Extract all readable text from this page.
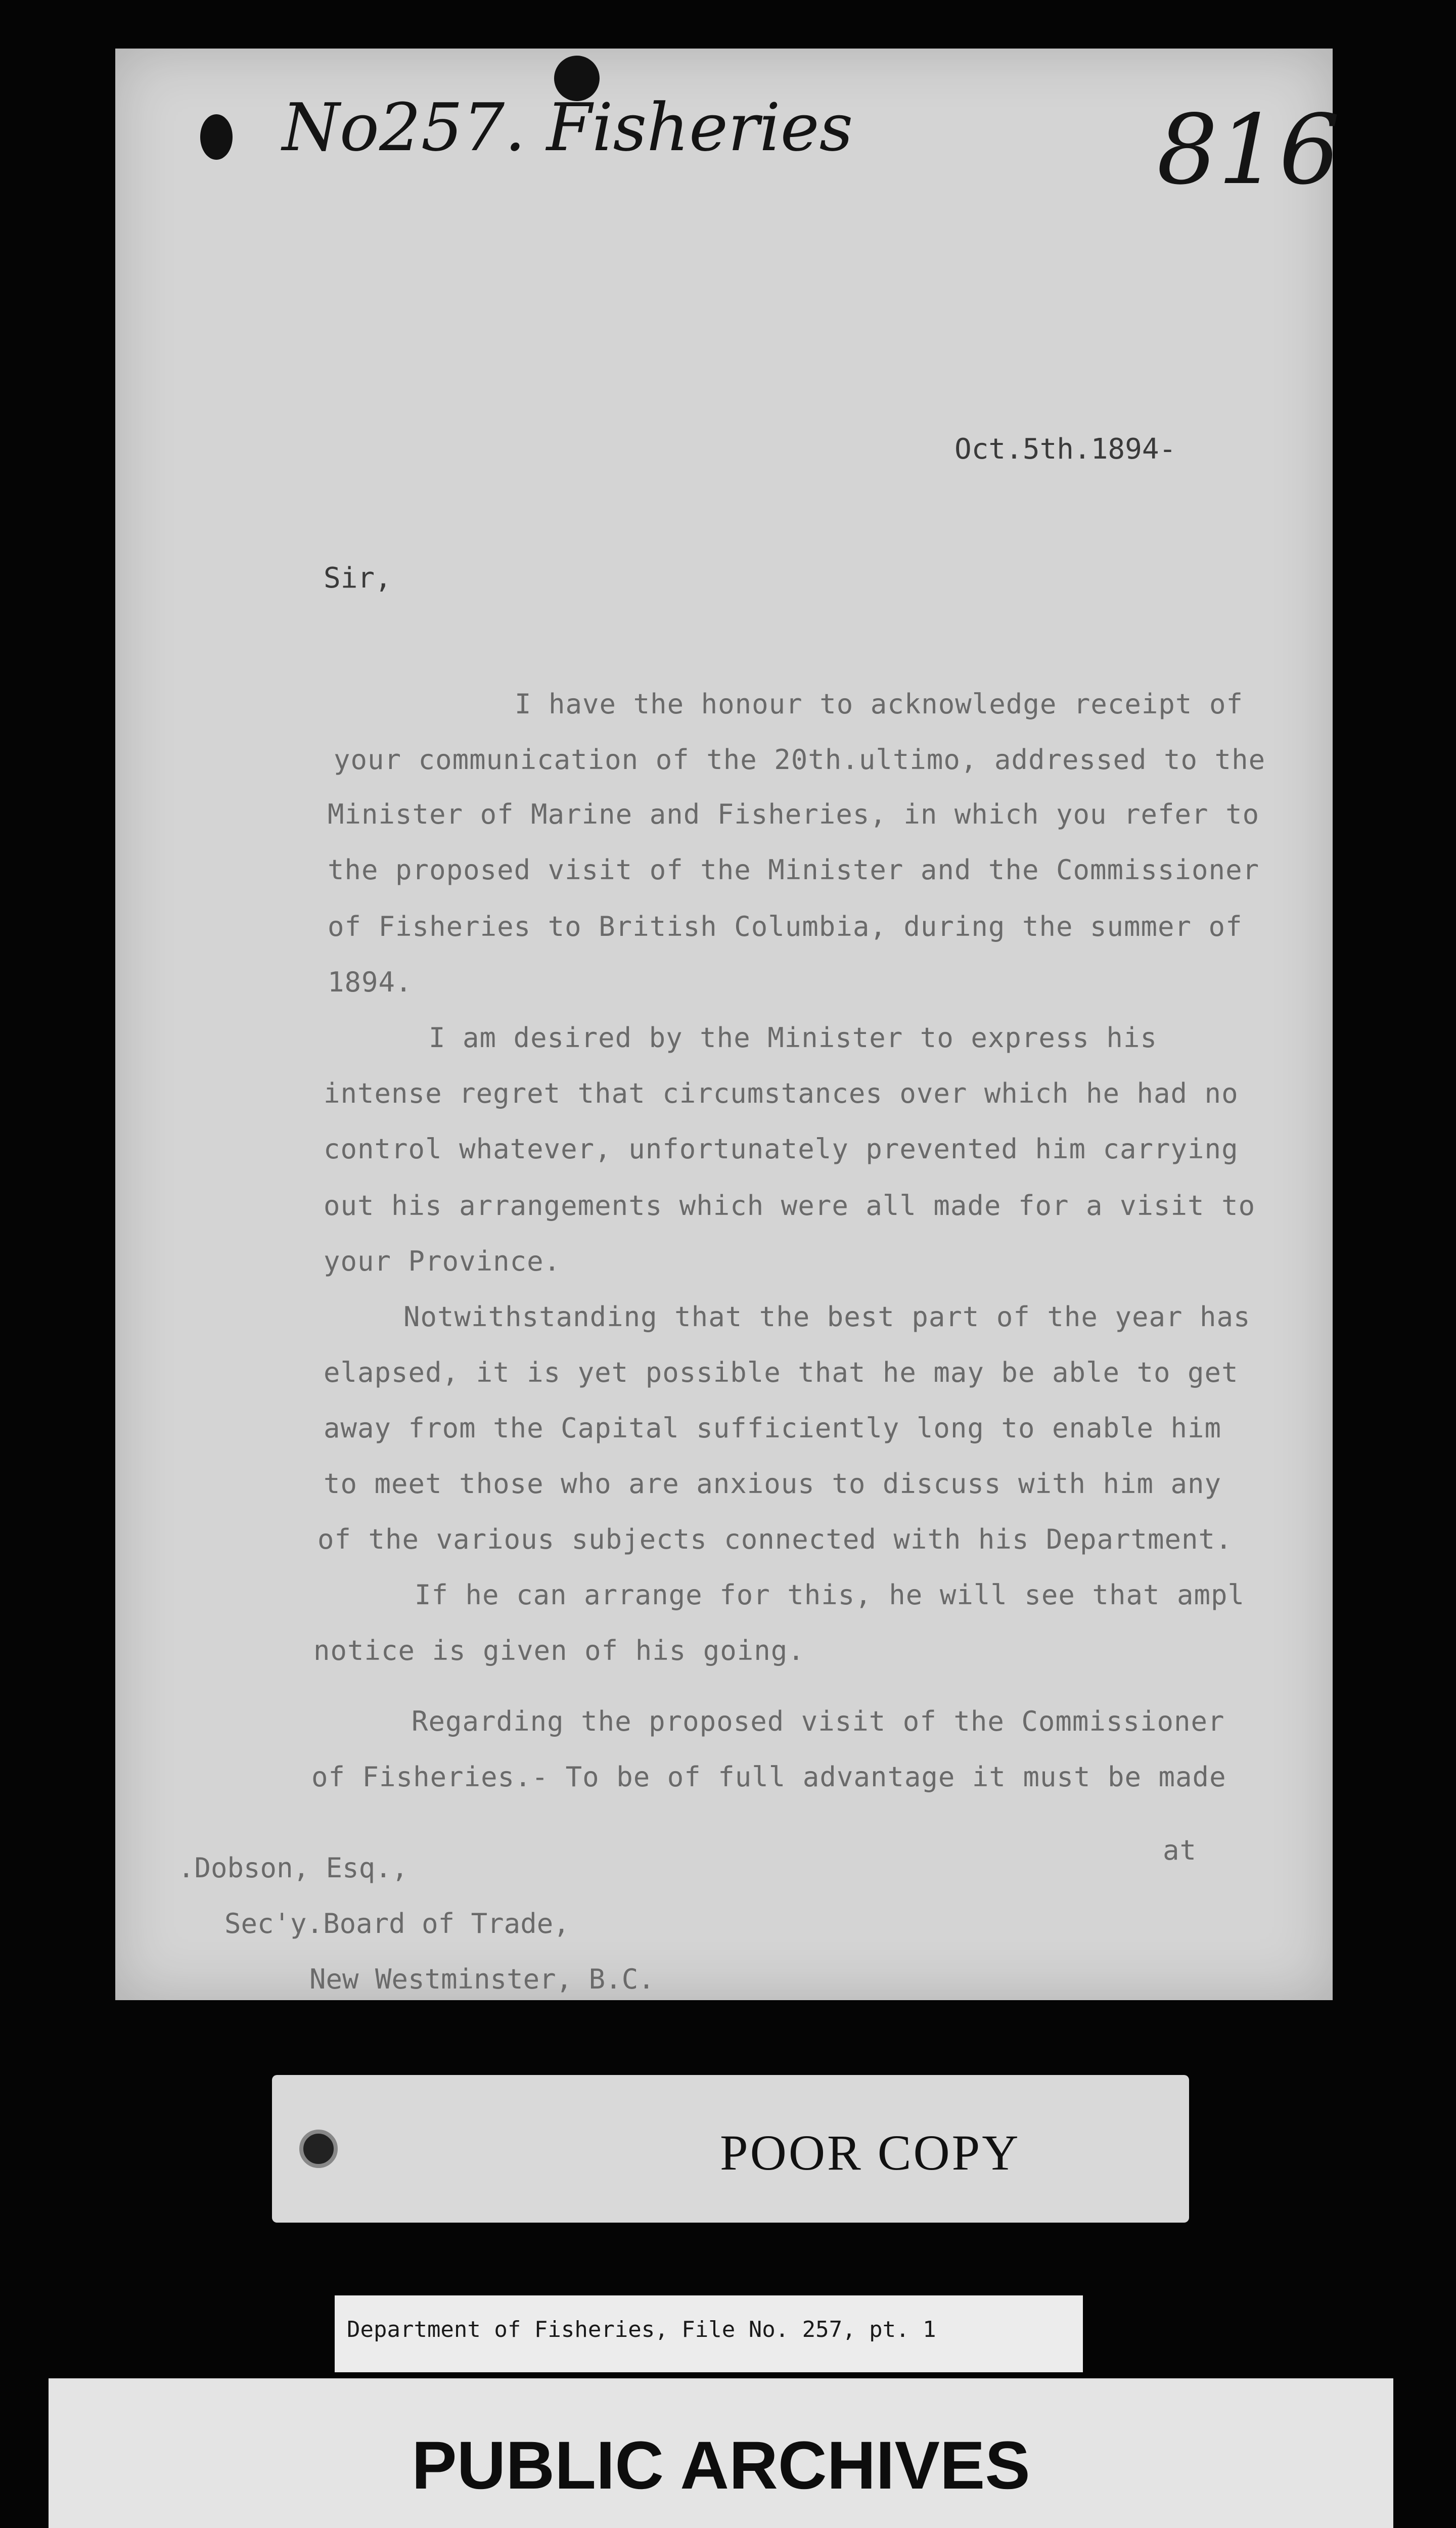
No257. Fisheries	816
Oct.5th.1894-
Sir,
I have the honour to acknowledge receipt of
your communication of the 20th.ultimo, addressed to the
Minister of Marine and Fisheries, in which you refer to
the proposed visit of the Minister and the Commissioner
of Fisheries to British Columbia, during the summer of
1894.
I am desired by the Minister to express his
intense regret that circumstances over which he had no
control whatever, unfortunately prevented him carrying
out his arrangements which were all made for a visit to
your Province.
Notwithstanding that the best part of the year has
elapsed, it is yet possible that he may be able to get
away from the Capital sufficiently long to enable him
to meet those who are anxious to discuss with him any
of the various subjects connected with his Department.
If he can arrange for this, he will see that ampl
notice is given of his going.
Regarding the proposed visit of the Commissioner
of Fisheries.- To be of full advantage it must be made
at
.Dobson, Esq.,
Sec'y.Board of Trade,
New Westminster, B.C.
POOR COPY
Department of Fisheries, File No. 257, pt. 1
PUBLIC ARCHIVES
